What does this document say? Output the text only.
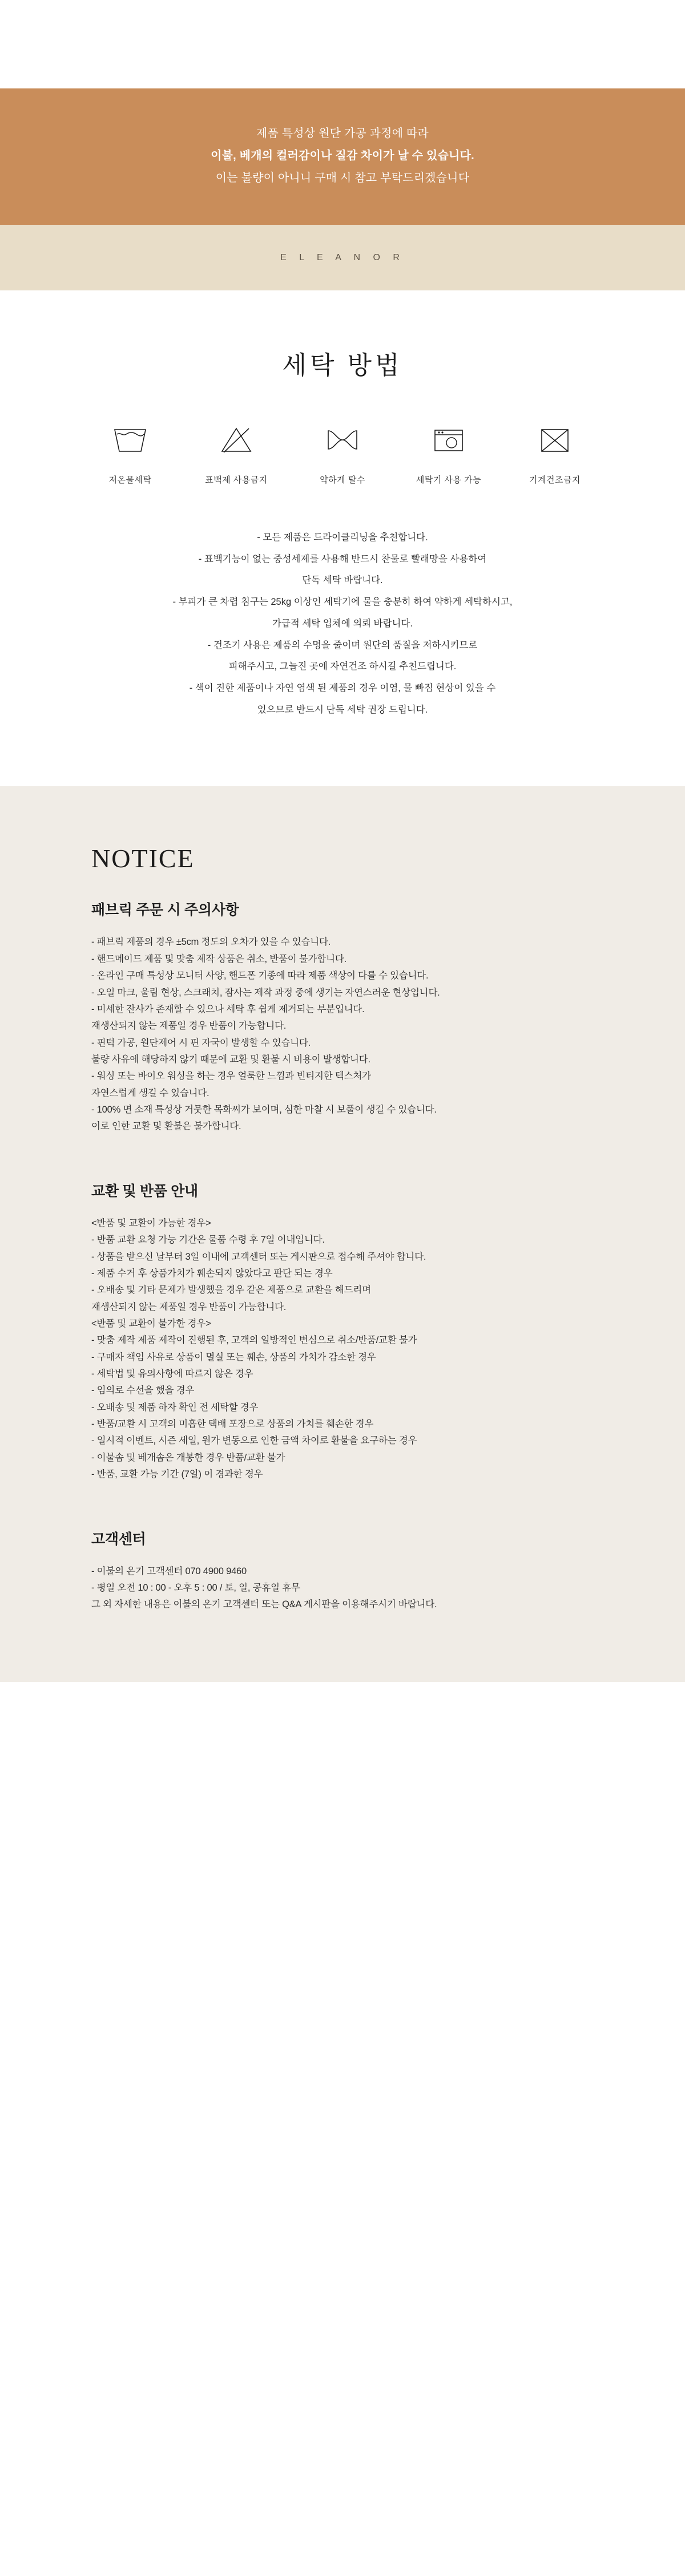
제품 특성상 원단 가공 과정에 따라
이불, 베개의 컬러감이나 질감 차이가 날 수 있습니다.
이는 불량이 아니니 구매 시 참고 부탁드리겠습니다
E L E A N O R
세탁 방법
저온물세탁	표백제 사용금지	약하게 탈수	세탁기 사용 가능	기계건조금지

- 모든 제품은 드라이클리닝을 추천합니다.

- 표백기능이 없는 중성세제를 사용해 반드시 찬물로 빨래망을 사용하여

단독 세탁 바랍니다.

- 부피가 큰 차렵 침구는 25kg 이상인 세탁기에 물을 충분히 하여 약하게 세탁하시고,

가급적 세탁 업체에 의뢰 바랍니다.

- 건조기 사용은 제품의 수명을 줄이며 원단의 품질을 저하시키므로

피해주시고, 그늘진 곳에 자연건조 하시길 추천드립니다.

- 색이 진한 제품이나 자연 염색 된 제품의 경우 이염, 물 빠짐 현상이 있을 수

있으므로 반드시 단독 세탁 권장 드립니다.

NOTICE
패브릭 주문 시 주의사항

- 패브릭 제품의 경우 ±5cm 정도의 오차가 있을 수 있습니다.

- 핸드메이드 제품 및 맞춤 제작 상품은 취소, 반품이 불가합니다.

- 온라인 구매 특성상 모니터 사양, 핸드폰 기종에 따라 제품 색상이 다를 수 있습니다.

- 오일 마크, 울림 현상, 스크래치, 잠사는 제작 과정 중에 생기는 자연스러운 현상입니다.

- 미세한 잔사가 존재할 수 있으나 세탁 후 쉽게 제거되는 부분입니다.

재생산되지 않는 제품일 경우 반품이 가능합니다.

- 핀턱 가공, 원단제어 시 핀 자국이 발생할 수 있습니다.

불량 사유에 해당하지 않기 때문에 교환 및 환불 시 비용이 발생합니다.

- 워싱 또는 바이오 워싱을 하는 경우 얼룩한 느낌과 빈티지한 텍스처가

자연스럽게 생길 수 있습니다.

- 100% 면 소재 특성상 거뭇한 목화씨가 보이며, 심한 마찰 시 보풀이 생길 수 있습니다.

이로 인한 교환 및 환불은 불가합니다.

교환 및 반품 안내

<반품 및 교환이 가능한 경우>

- 반품 교환 요청 가능 기간은 물품 수령 후 7일 이내입니다.

- 상품을 받으신 날부터 3일 이내에 고객센터 또는 게시판으로 접수해 주셔야 합니다.

- 제품 수거 후 상품가치가 훼손되지 않았다고 판단 되는 경우

- 오배송 및 기타 문제가 발생했을 경우 같은 제품으로 교환을 해드리며

재생산되지 않는 제품일 경우 반품이 가능합니다.

<반품 및 교환이 불가한 경우>

- 맞춤 제작 제품 제작이 진행된 후, 고객의 일방적인 변심으로 취소/반품/교환 불가

- 구매자 책임 사유로 상품이 멸실 또는 훼손, 상품의 가치가 감소한 경우

- 세탁법 및 유의사항에 따르지 않은 경우

- 임의로 수선을 했을 경우

- 오배송 및 제품 하자 확인 전 세탁할 경우

- 반품/교환 시 고객의 미흡한 택배 포장으로 상품의 가치를 훼손한 경우

- 일시적 이벤트, 시즌 세일, 원가 변동으로 인한 금액 차이로 환불을 요구하는 경우

- 이불솜 및 베개솜은 개봉한 경우 반품/교환 불가

- 반품, 교환 가능 기간 (7일) 이 경과한 경우

고객센터

- 이불의 온기 고객센터 070 4900 9460

- 평일 오전 10 : 00 - 오후 5 : 00 / 토, 일, 공휴일 휴무

그 외 자세한 내용은 이불의 온기 고객센터 또는 Q&A 게시판을 이용해주시기 바랍니다.
